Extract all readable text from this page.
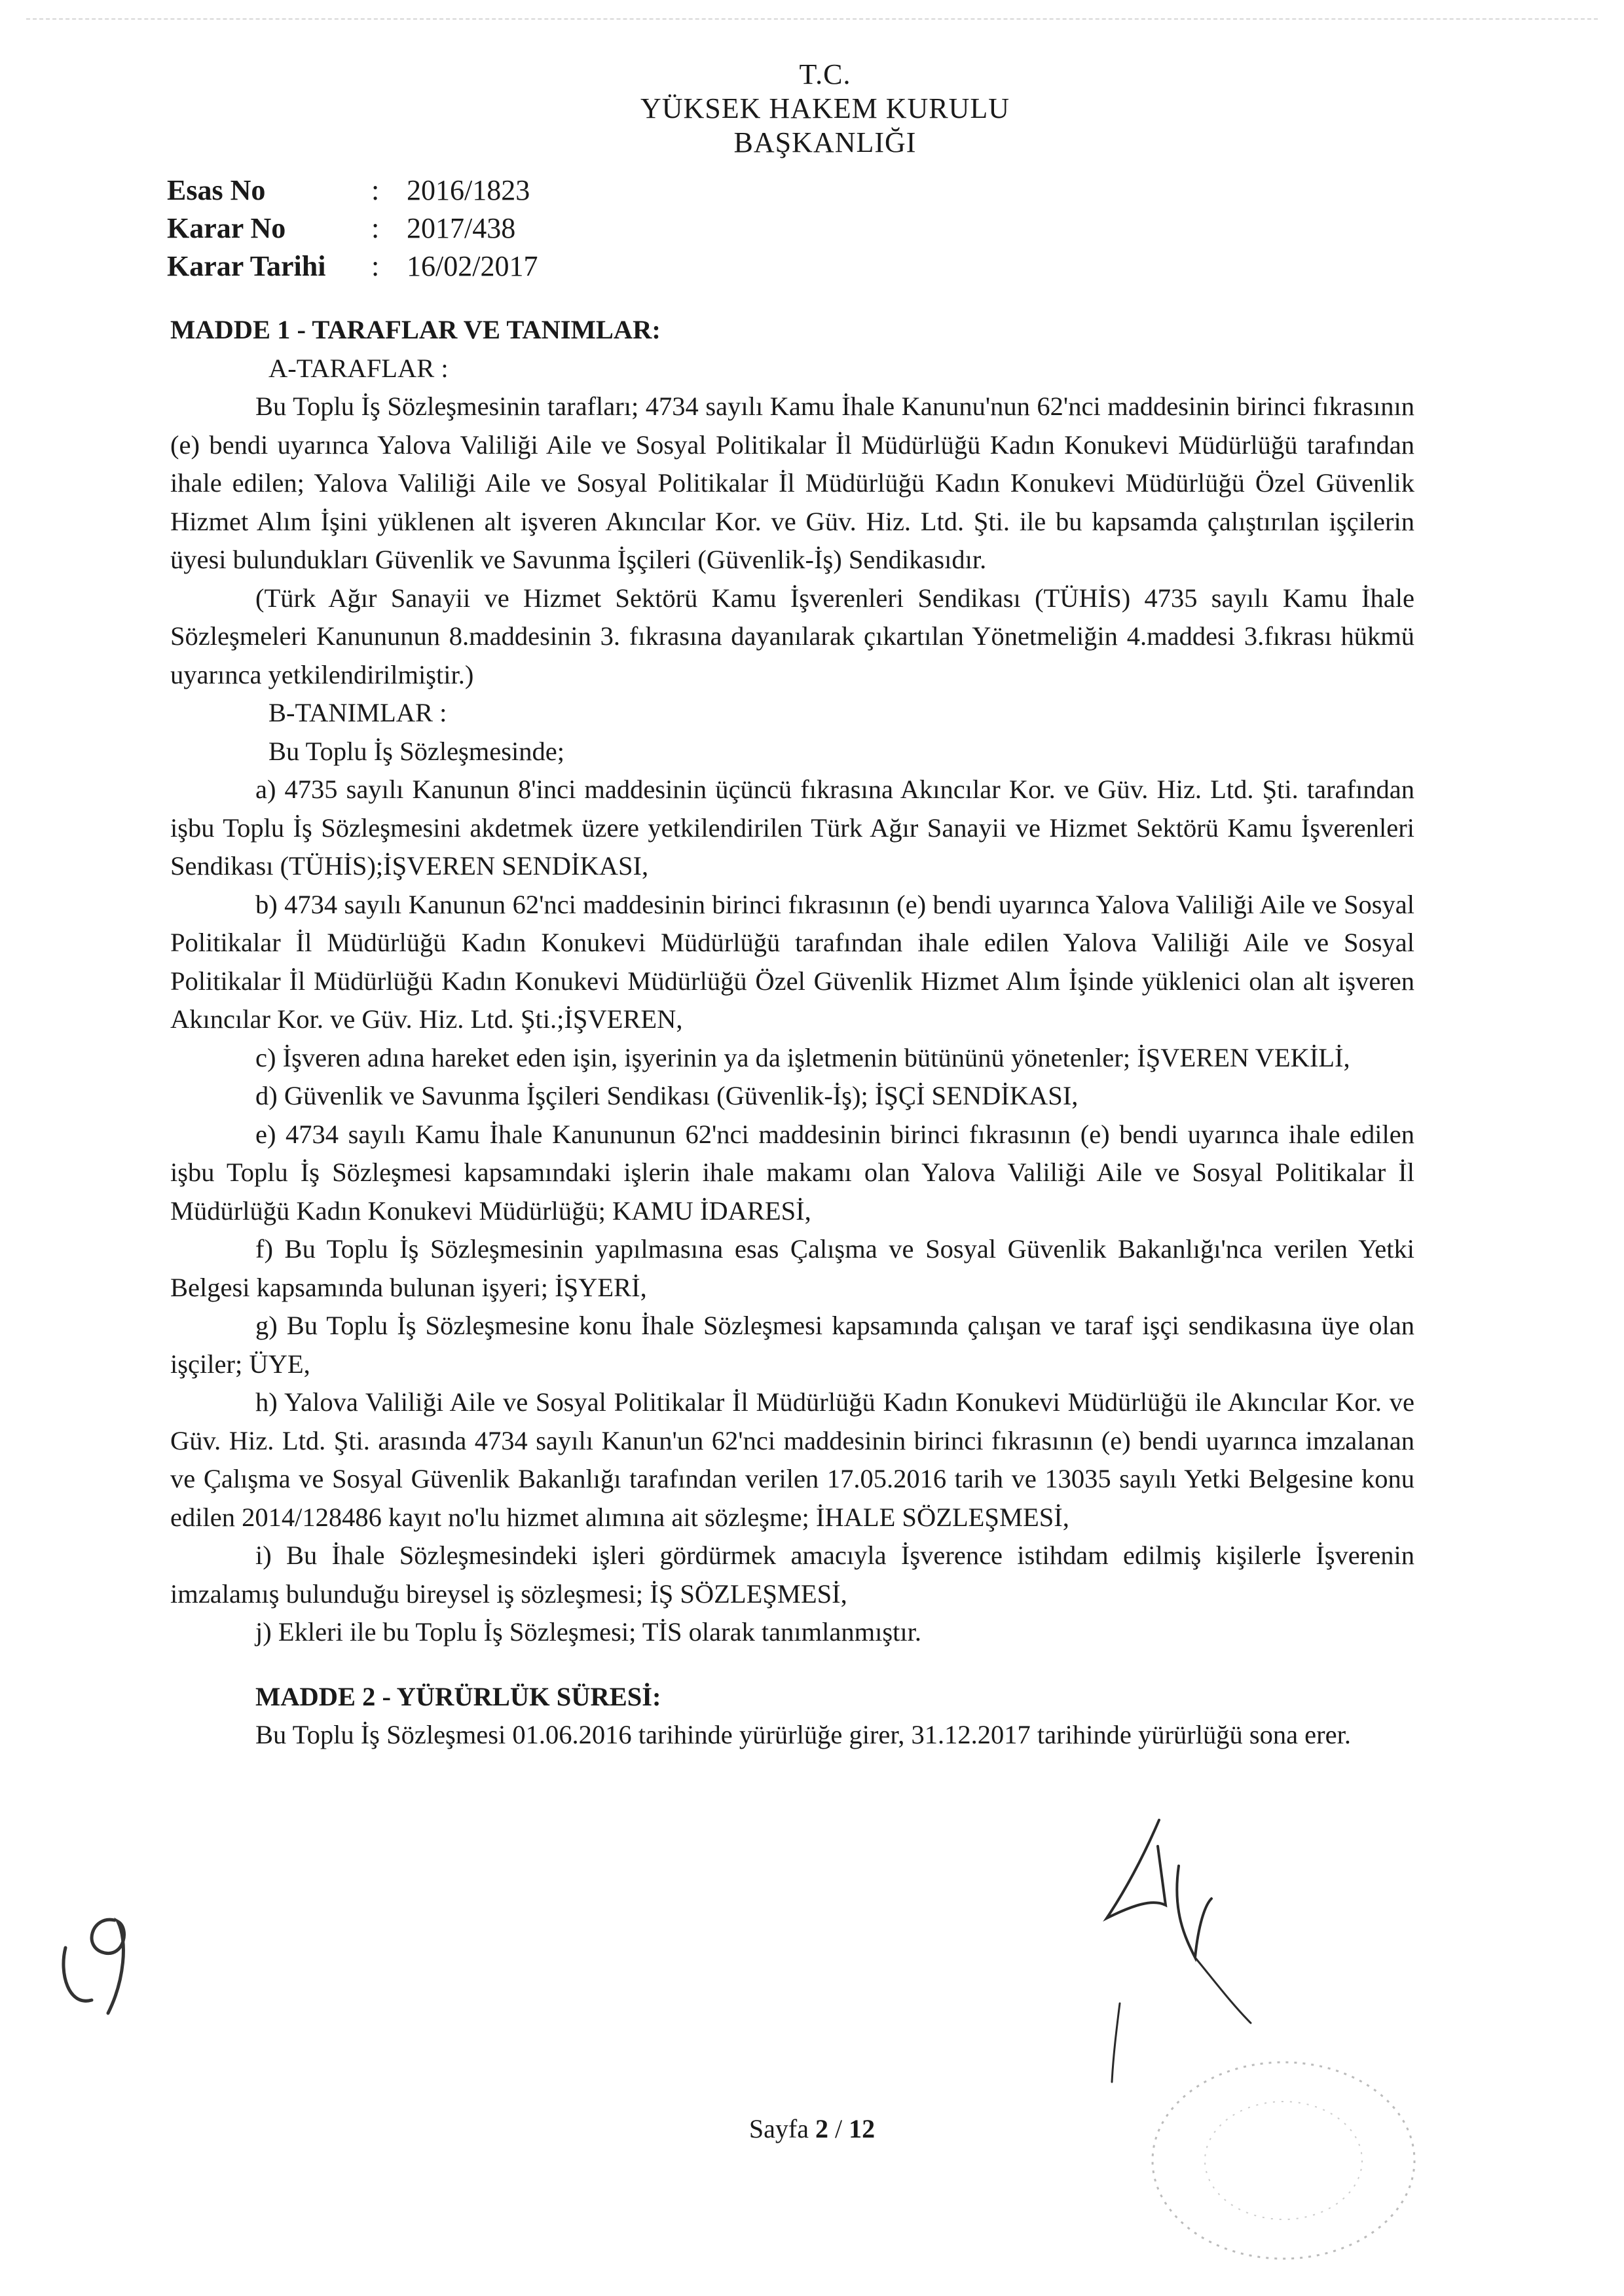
T.C.
YÜKSEK HAKEM KURULU
BAŞKANLIĞI
Esas No	: 2016/1823
Karar No	: 2017/438
Karar Tarihi	: 16/02/2017

MADDE 1 - TARAFLAR VE TANIMLAR:

A-TARAFLAR :

Bu Toplu İş Sözleşmesinin tarafları; 4734 sayılı Kamu İhale Kanunu'nun 62'nci maddesinin birinci fıkrasının (e) bendi uyarınca Yalova Valiliği Aile ve Sosyal Politikalar İl Müdürlüğü Kadın Konukevi Müdürlüğü tarafından ihale edilen; Yalova Valiliği Aile ve Sosyal Politikalar İl Müdürlüğü Kadın Konukevi Müdürlüğü Özel Güvenlik Hizmet Alım İşini yüklenen alt işveren Akıncılar Kor. ve Güv. Hiz. Ltd. Şti. ile bu kapsamda çalıştırılan işçilerin üyesi bulundukları Güvenlik ve Savunma İşçileri (Güvenlik-İş) Sendikasıdır.

(Türk Ağır Sanayii ve Hizmet Sektörü Kamu İşverenleri Sendikası (TÜHİS) 4735 sayılı Kamu İhale Sözleşmeleri Kanununun 8.maddesinin 3. fıkrasına dayanılarak çıkartılan Yönetmeliğin 4.maddesi 3.fıkrası hükmü uyarınca yetkilendirilmiştir.)

B-TANIMLAR :

Bu Toplu İş Sözleşmesinde;

a) 4735 sayılı Kanunun 8'inci maddesinin üçüncü fıkrasına Akıncılar Kor. ve Güv. Hiz. Ltd. Şti. tarafından işbu Toplu İş Sözleşmesini akdetmek üzere yetkilendirilen Türk Ağır Sanayii ve Hizmet Sektörü Kamu İşverenleri Sendikası (TÜHİS);İŞVEREN SENDİKASI,

b) 4734 sayılı Kanunun 62'nci maddesinin birinci fıkrasının (e) bendi uyarınca Yalova Valiliği Aile ve Sosyal Politikalar İl Müdürlüğü Kadın Konukevi Müdürlüğü tarafından ihale edilen Yalova Valiliği Aile ve Sosyal Politikalar İl Müdürlüğü Kadın Konukevi Müdürlüğü Özel Güvenlik Hizmet Alım İşinde yüklenici olan alt işveren Akıncılar Kor. ve Güv. Hiz. Ltd. Şti.;İŞVEREN,

c) İşveren adına hareket eden işin, işyerinin ya da işletmenin bütününü yönetenler; İŞVEREN VEKİLİ,

d) Güvenlik ve Savunma İşçileri Sendikası (Güvenlik-İş); İŞÇİ SENDİKASI,

e) 4734 sayılı Kamu İhale Kanununun 62'nci maddesinin birinci fıkrasının (e) bendi uyarınca ihale edilen işbu Toplu İş Sözleşmesi kapsamındaki işlerin ihale makamı olan Yalova Valiliği Aile ve Sosyal Politikalar İl Müdürlüğü Kadın Konukevi Müdürlüğü; KAMU İDARESİ,

f) Bu Toplu İş Sözleşmesinin yapılmasına esas Çalışma ve Sosyal Güvenlik Bakanlığı'nca verilen Yetki Belgesi kapsamında bulunan işyeri; İŞYERİ,

g) Bu Toplu İş Sözleşmesine konu İhale Sözleşmesi kapsamında çalışan ve taraf işçi sendikasına üye olan işçiler; ÜYE,

h) Yalova Valiliği Aile ve Sosyal Politikalar İl Müdürlüğü Kadın Konukevi Müdürlüğü ile Akıncılar Kor. ve Güv. Hiz. Ltd. Şti. arasında 4734 sayılı Kanun'un 62'nci maddesinin birinci fıkrasının (e) bendi uyarınca imzalanan ve Çalışma ve Sosyal Güvenlik Bakanlığı tarafından verilen 17.05.2016 tarih ve 13035 sayılı Yetki Belgesine konu edilen 2014/128486 kayıt no'lu hizmet alımına ait sözleşme; İHALE SÖZLEŞMESİ,

i) Bu İhale Sözleşmesindeki işleri gördürmek amacıyla İşverence istihdam edilmiş kişilerle İşverenin imzalamış bulunduğu bireysel iş sözleşmesi; İŞ SÖZLEŞMESİ,

j) Ekleri ile bu Toplu İş Sözleşmesi; TİS olarak tanımlanmıştır.

MADDE 2 - YÜRÜRLÜK SÜRESİ:

Bu Toplu İş Sözleşmesi 01.06.2016 tarihinde yürürlüğe girer, 31.12.2017 tarihinde yürürlüğü sona erer.

Sayfa 2 / 12
